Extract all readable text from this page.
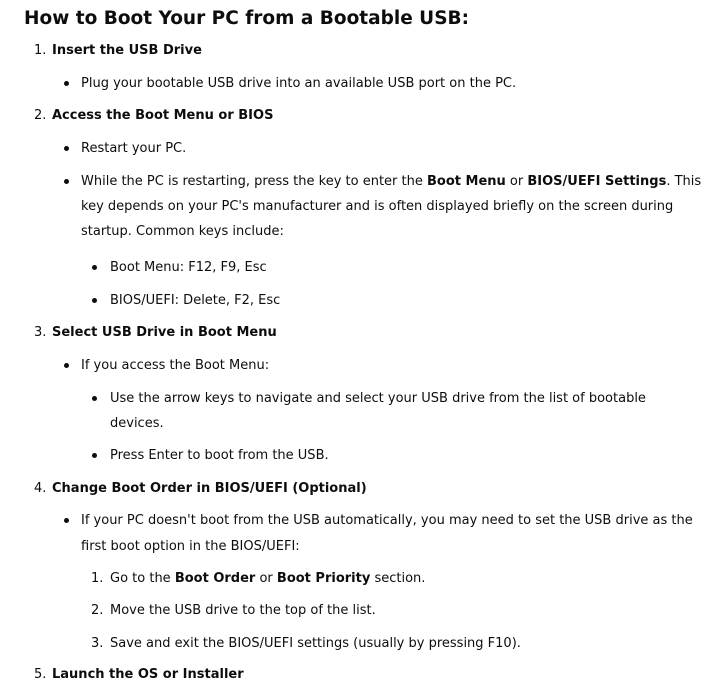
How to Boot Your PC from a Bootable USB:
1. Insert the USB Drive
Plug your bootable USB drive into an available USB port on the PC.
2. Access the Boot Menu or BIOS
Restart your PC.
While the PC is restarting, press the key to enter the Boot Menu or BIOS/UEFI Settings. This
key depends on your PC's manufacturer and is often displayed briefly on the screen during
startup. Common keys include:
Boot Menu: F12, F9, Esc
BIOS/UEFI: Delete, F2, Esc
3. Select USB Drive in Boot Menu
If you access the Boot Menu:
Use the arrow keys to navigate and select your USB drive from the list of bootable
devices.
Press Enter to boot from the USB.
4. Change Boot Order in BIOS/UEFI (Optional)
If your PC doesn't boot from the USB automatically, you may need to set the USB drive as the
first boot option in the BIOS/UEFI:
1. Go to the Boot Order or Boot Priority section.
2. Move the USB drive to the top of the list.
3. Save and exit the BIOS/UEFI settings (usually by pressing F10).
5. Launch the OS or Installer
